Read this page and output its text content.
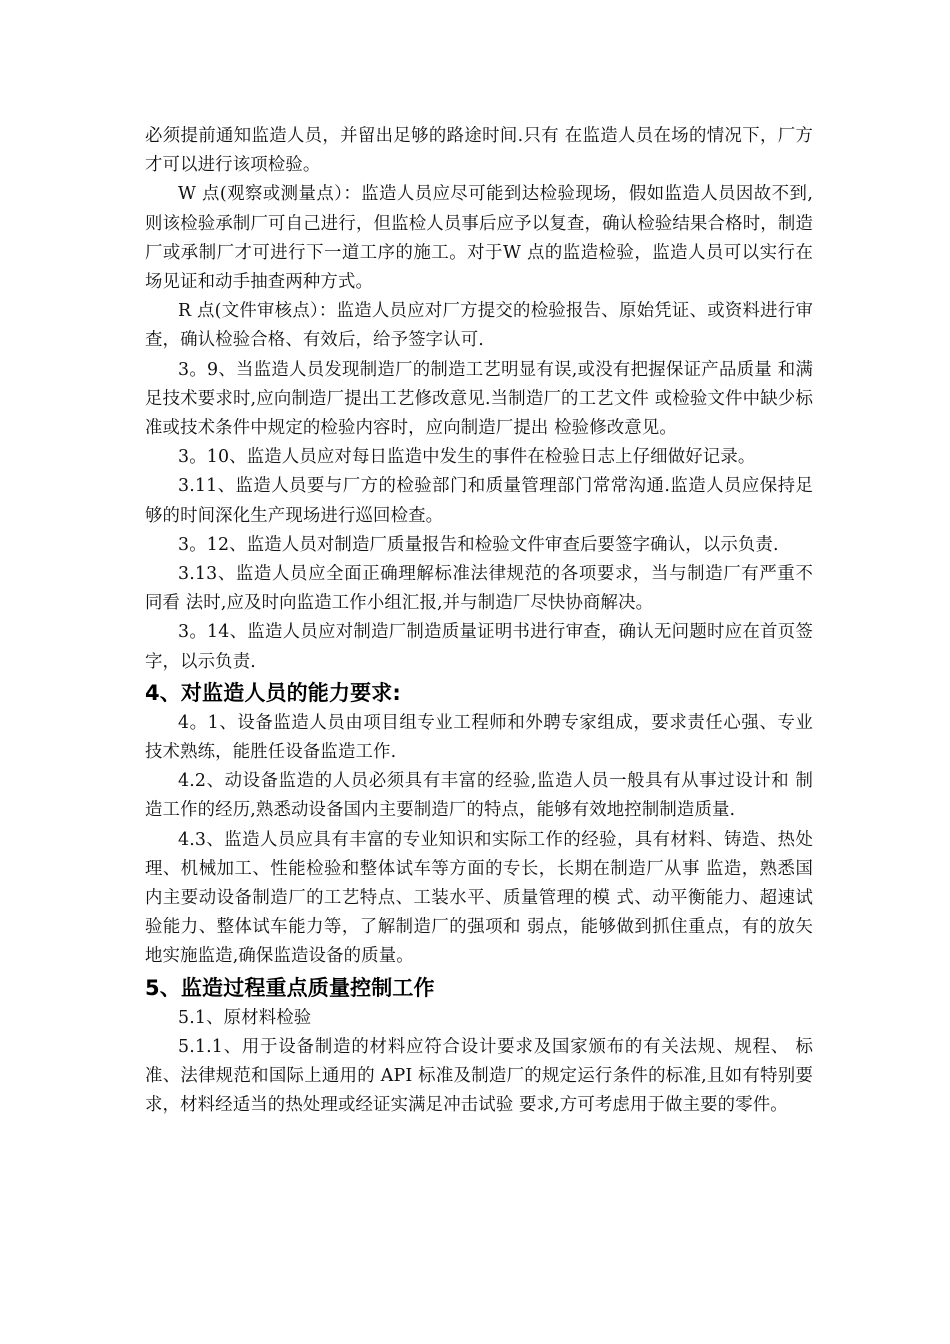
必须提前通知监造人员，并留出足够的路途时间.只有 在监造人员在场的情况下，厂方才可以进行该项检验。

W 点(观察或测量点）：监造人员应尽可能到达检验现场，假如监造人员因故不到,则该检验承制厂可自己进行，但监检人员事后应予以复查，确认检验结果合格时，制造厂或承制厂才可进行下一道工序的施工。对于W 点的监造检验，监造人员可以实行在场见证和动手抽查两种方式。

R 点(文件审核点）：监造人员应对厂方提交的检验报告、原始凭证、或资料进行审查，确认检验合格、有效后，给予签字认可.

3。9、当监造人员发现制造厂的制造工艺明显有误,或没有把握保证产品质量 和满足技术要求时,应向制造厂提出工艺修改意见.当制造厂的工艺文件 或检验文件中缺少标准或技术条件中规定的检验内容时，应向制造厂提出 检验修改意见。

3。10、监造人员应对每日监造中发生的事件在检验日志上仔细做好记录。

3.11、监造人员要与厂方的检验部门和质量管理部门常常沟通.监造人员应保持足够的时间深化生产现场进行巡回检查。

3。12、监造人员对制造厂质量报告和检验文件审查后要签字确认，以示负责.

3.13、监造人员应全面正确理解标准法律规范的各项要求，当与制造厂有严重不同看 法时,应及时向监造工作小组汇报,并与制造厂尽快协商解决。

3。14、监造人员应对制造厂制造质量证明书进行审查，确认无问题时应在首页签字，以示负责.

4、对监造人员的能力要求:

4。1、设备监造人员由项目组专业工程师和外聘专家组成，要求责任心强、专业 技术熟练，能胜任设备监造工作.

4.2、动设备监造的人员必须具有丰富的经验,监造人员一般具有从事过设计和 制造工作的经历,熟悉动设备国内主要制造厂的特点，能够有效地控制制造质量.

4.3、监造人员应具有丰富的专业知识和实际工作的经验，具有材料、铸造、热处理、机械加工、性能检验和整体试车等方面的专长，长期在制造厂从事 监造，熟悉国内主要动设备制造厂的工艺特点、工装水平、质量管理的模 式、动平衡能力、超速试验能力、整体试车能力等，了解制造厂的强项和 弱点，能够做到抓住重点，有的放矢地实施监造,确保监造设备的质量。

5、监造过程重点质量控制工作

5.1、原材料检验

5.1.1、用于设备制造的材料应符合设计要求及国家颁布的有关法规、规程、 标准、法律规范和国际上通用的 API 标准及制造厂的规定运行条件的标准,且如有特别要求，材料经适当的热处理或经证实满足冲击试验 要求,方可考虑用于做主要的零件。
